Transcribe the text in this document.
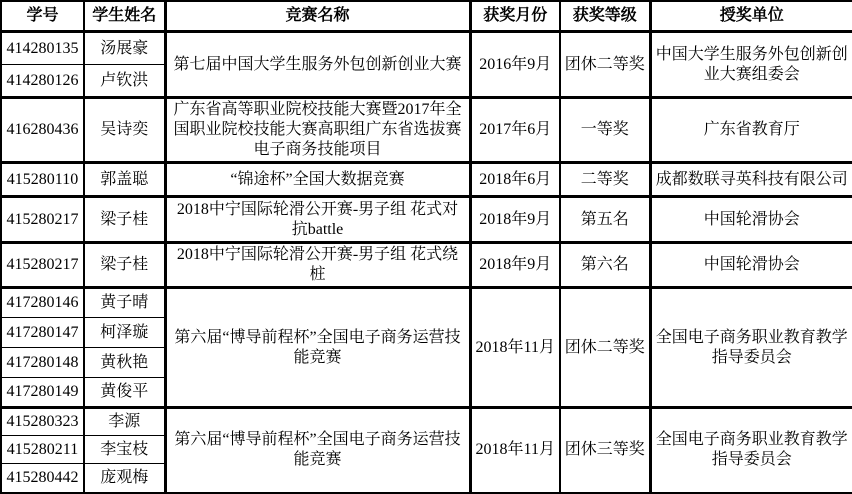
学号	学生姓名	竞赛名称	获奖月份	获奖等级	授奖单位
414280135	汤展豪	第七届中国大学生服务外包创新创业大赛	2016年9月	团休二等奖	中国大学生服务外包创新创业大赛组委会
414280126	卢钦洪				
416280436	吴诗奕	广东省高等职业院校技能大赛暨2017年全国职业院校技能大赛高职组广东省选拔赛电子商务技能项目	2017年6月	一等奖	广东省教育厅
415280110	郭盖聪	“锦途杯”全国大数据竞赛	2018年6月	二等奖	成都数联寻英科技有限公司
415280217	梁子桂	2018中宁国际轮滑公开赛-男子组 花式对抗battle	2018年9月	第五名	中国轮滑协会
415280217	梁子桂	2018中宁国际轮滑公开赛-男子组 花式绕桩	2018年9月	第六名	中国轮滑协会
417280146	黄子晴	第六届“博导前程杯”全国电子商务运营技能竞赛	2018年11月	团休二等奖	全国电子商务职业教育教学指导委员会
417280147	柯泽璇				
417280148	黄秋艳				
417280149	黄俊平				
415280323	李源	第六届“博导前程杯”全国电子商务运营技能竞赛	2018年11月	团休三等奖	全国电子商务职业教育教学指导委员会
415280211	李宝枝				
415280442	庞观梅				
